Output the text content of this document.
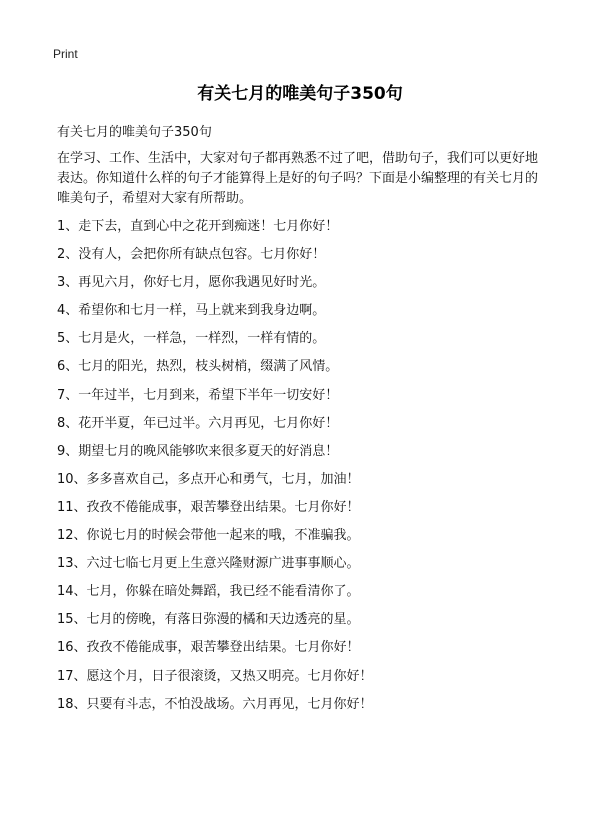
Print
有关七月的唯美句子350句
有关七月的唯美句子350句
在学习、工作、生活中，大家对句子都再熟悉不过了吧，借助句子，我们可以更好地表达。你知道什么样的句子才能算得上是好的句子吗？下面是小编整理的有关七月的唯美句子，希望对大家有所帮助。
1、走下去，直到心中之花开到痴迷！七月你好！
2、没有人，会把你所有缺点包容。七月你好！
3、再见六月，你好七月，愿你我遇见好时光。
4、希望你和七月一样，马上就来到我身边啊。
5、七月是火，一样急，一样烈，一样有情的。
6、七月的阳光，热烈，枝头树梢，缀满了风情。
7、一年过半，七月到来，希望下半年一切安好！
8、花开半夏，年已过半。六月再见，七月你好！
9、期望七月的晚风能够吹来很多夏天的好消息！
10、多多喜欢自己，多点开心和勇气，七月，加油！
11、孜孜不倦能成事，艰苦攀登出结果。七月你好！
12、你说七月的时候会带他一起来的哦，不准骗我。
13、六过七临七月更上生意兴隆财源广进事事顺心。
14、七月，你躲在暗处舞蹈，我已经不能看清你了。
15、七月的傍晚，有落日弥漫的橘和天边透亮的星。
16、孜孜不倦能成事，艰苦攀登出结果。七月你好！
17、愿这个月，日子很滚烫，又热又明亮。七月你好！
18、只要有斗志，不怕没战场。六月再见，七月你好！
